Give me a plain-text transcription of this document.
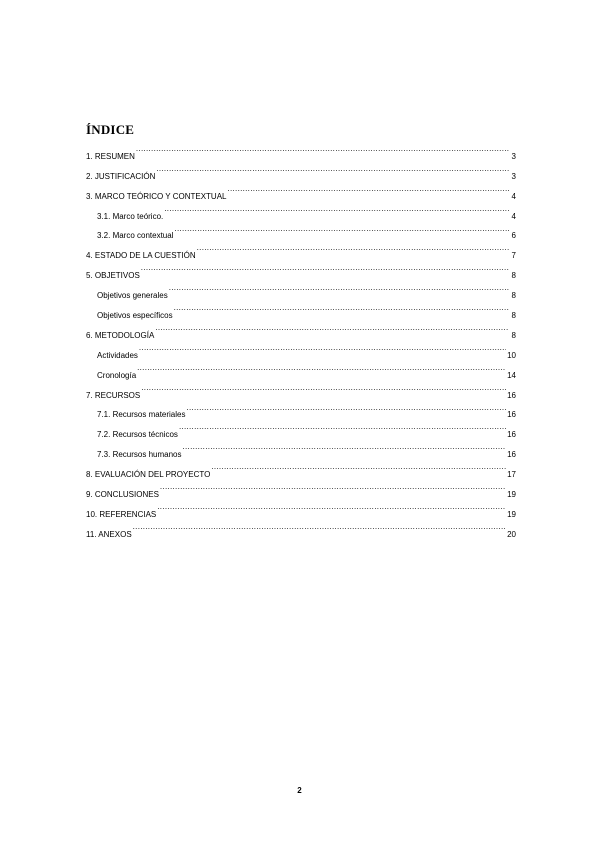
ÍNDICE
1. RESUMEN .....	3
2. JUSTIFICACIÓN .....	3
3. MARCO TEÓRICO Y CONTEXTUAL .....	4
3.1. Marco teórico. .....	4
3.2. Marco contextual .....	6
4. ESTADO DE LA CUESTIÓN .....	7
5. OBJETIVOS .....	8
Objetivos generales .....	8
Objetivos específicos .....	8
6. METODOLOGÍA .....	8
Actividades .....	10
Cronología .....	14
7. RECURSOS .....	16
7.1. Recursos materiales .....	16
7.2. Recursos técnicos .....	16
7.3. Recursos humanos .....	16
8. EVALUACIÓN DEL PROYECTO .....	17
9. CONCLUSIONES .....	19
10. REFERENCIAS .....	19
11. ANEXOS .....	20
2
